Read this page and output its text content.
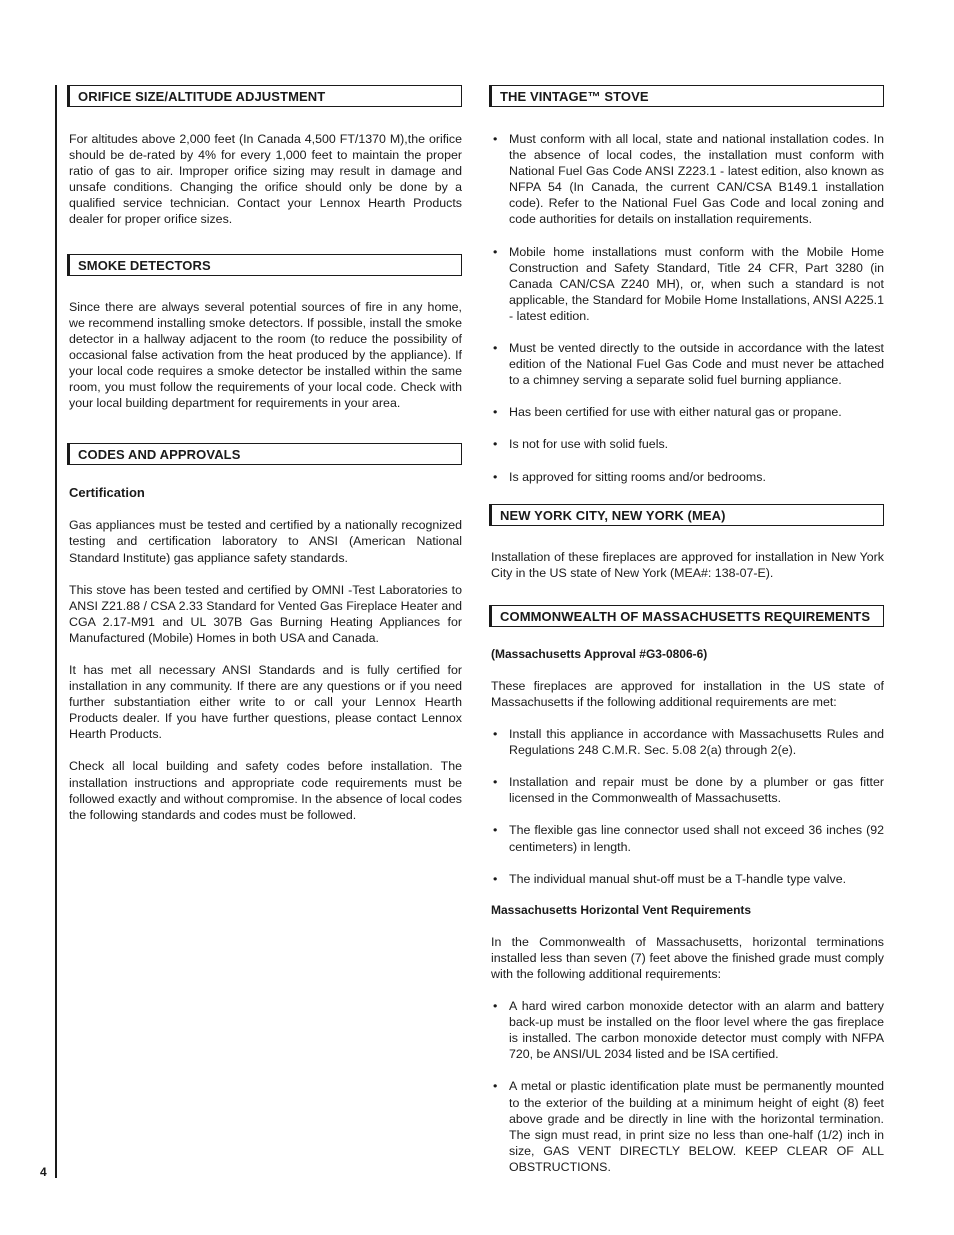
4
ORIFICE SIZE/ALTITUDE ADJUSTMENT

For altitudes above 2,000 feet (In Canada 4,500 FT/1370 M),the orifice should be de-rated by 4% for every 1,000 feet to maintain the proper ratio of gas to air. Improper orifice sizing may result in damage and unsafe conditions. Changing the orifice should only be done by a qualified service technician. Contact your Lennox Hearth Products dealer for proper orifice sizes.

SMOKE DETECTORS

Since there are always several potential sources of fire in any home, we recommend installing smoke detectors. If possible, install the smoke detector in a hallway adjacent to the room (to reduce the possibility of occasional false activation from the heat produced by the appliance). If your local code requires a smoke detector be installed within the same room, you must follow the requirements of your local code. Check with your local building department for requirements in your area.

CODES AND APPROVALS
Certification

Gas appliances must be tested and certified by a nationally recognized testing and certification laboratory to ANSI (American National Standard Institute) gas appliance safety standards.

This stove has been tested and certified by OMNI -Test Laboratories to ANSI Z21.88 / CSA 2.33 Standard for Vented Gas Fireplace Heater and CGA 2.17-M91 and UL 307B Gas Burning Heating Appliances for Manufactured (Mobile) Homes in both USA and Canada.

It has met all necessary ANSI Standards and is fully certified for installation in any community. If there are any questions or if you need further substantiation either write to or call your Lennox Hearth Products dealer. If you have further questions, please contact Lennox Hearth Products.

Check all local building and safety codes before installation. The installation instructions and appropriate code requirements must be followed exactly and without compromise. In the absence of local codes the following standards and codes must be followed.

THE VINTAGE™ STOVE
• Must conform with all local, state and national installation codes. In the absence of local codes, the installation must conform with National Fuel Gas Code ANSI Z223.1 - latest edition, also known as NFPA 54 (In Canada, the current CAN/CSA B149.1 installation code). Refer to the National Fuel Gas Code and local zoning and code authorities for details on installation requirements.
• Mobile home installations must conform with the Mobile Home Construction and Safety Standard, Title 24 CFR, Part 3280 (in Canada CAN/CSA Z240 MH), or, when such a standard is not applicable, the Standard for Mobile Home Installations, ANSI A225.1 - latest edition.
• Must be vented directly to the outside in accordance with the latest edition of the National Fuel Gas Code and must never be attached to a chimney serving a separate solid fuel burning appliance.
• Has been certified for use with either natural gas or propane.
• Is not for use with solid fuels.
• Is approved for sitting rooms and/or bedrooms.
NEW YORK CITY, NEW YORK (MEA)

Installation of these fireplaces are approved for installation in New York City in the US state of New York (MEA#: 138-07-E).

COMMONWEALTH OF MASSACHUSETTS REQUIREMENTS
(Massachusetts Approval #G3-0806-6)

These fireplaces are approved for installation in the US state of Massachusetts if the following additional requirements are met:

• Install this appliance in accordance with Massachusetts Rules and Regulations 248 C.M.R. Sec. 5.08 2(a) through 2(e).
• Installation and repair must be done by a plumber or gas fitter licensed in the Commonwealth of Massachusetts.
• The flexible gas line connector used shall not exceed 36 inches (92 centimeters) in length.
• The individual manual shut-off must be a T-handle type valve.
Massachusetts Horizontal Vent Requirements

In the Commonwealth of Massachusetts, horizontal terminations installed less than seven (7) feet above the finished grade must comply with the following additional requirements:

• A hard wired carbon monoxide detector with an alarm and battery back-up must be installed on the floor level where the gas fireplace is installed. The carbon monoxide detector must comply with NFPA 720, be ANSI/UL 2034 listed and be ISA certified.
• A metal or plastic identification plate must be permanently mounted to the exterior of the building at a minimum height of eight (8) feet above grade and be directly in line with the horizontal termination. The sign must read, in print size no less than one-half (1/2) inch in size, GAS VENT DIRECTLY BELOW. KEEP CLEAR OF ALL OBSTRUCTIONS.
